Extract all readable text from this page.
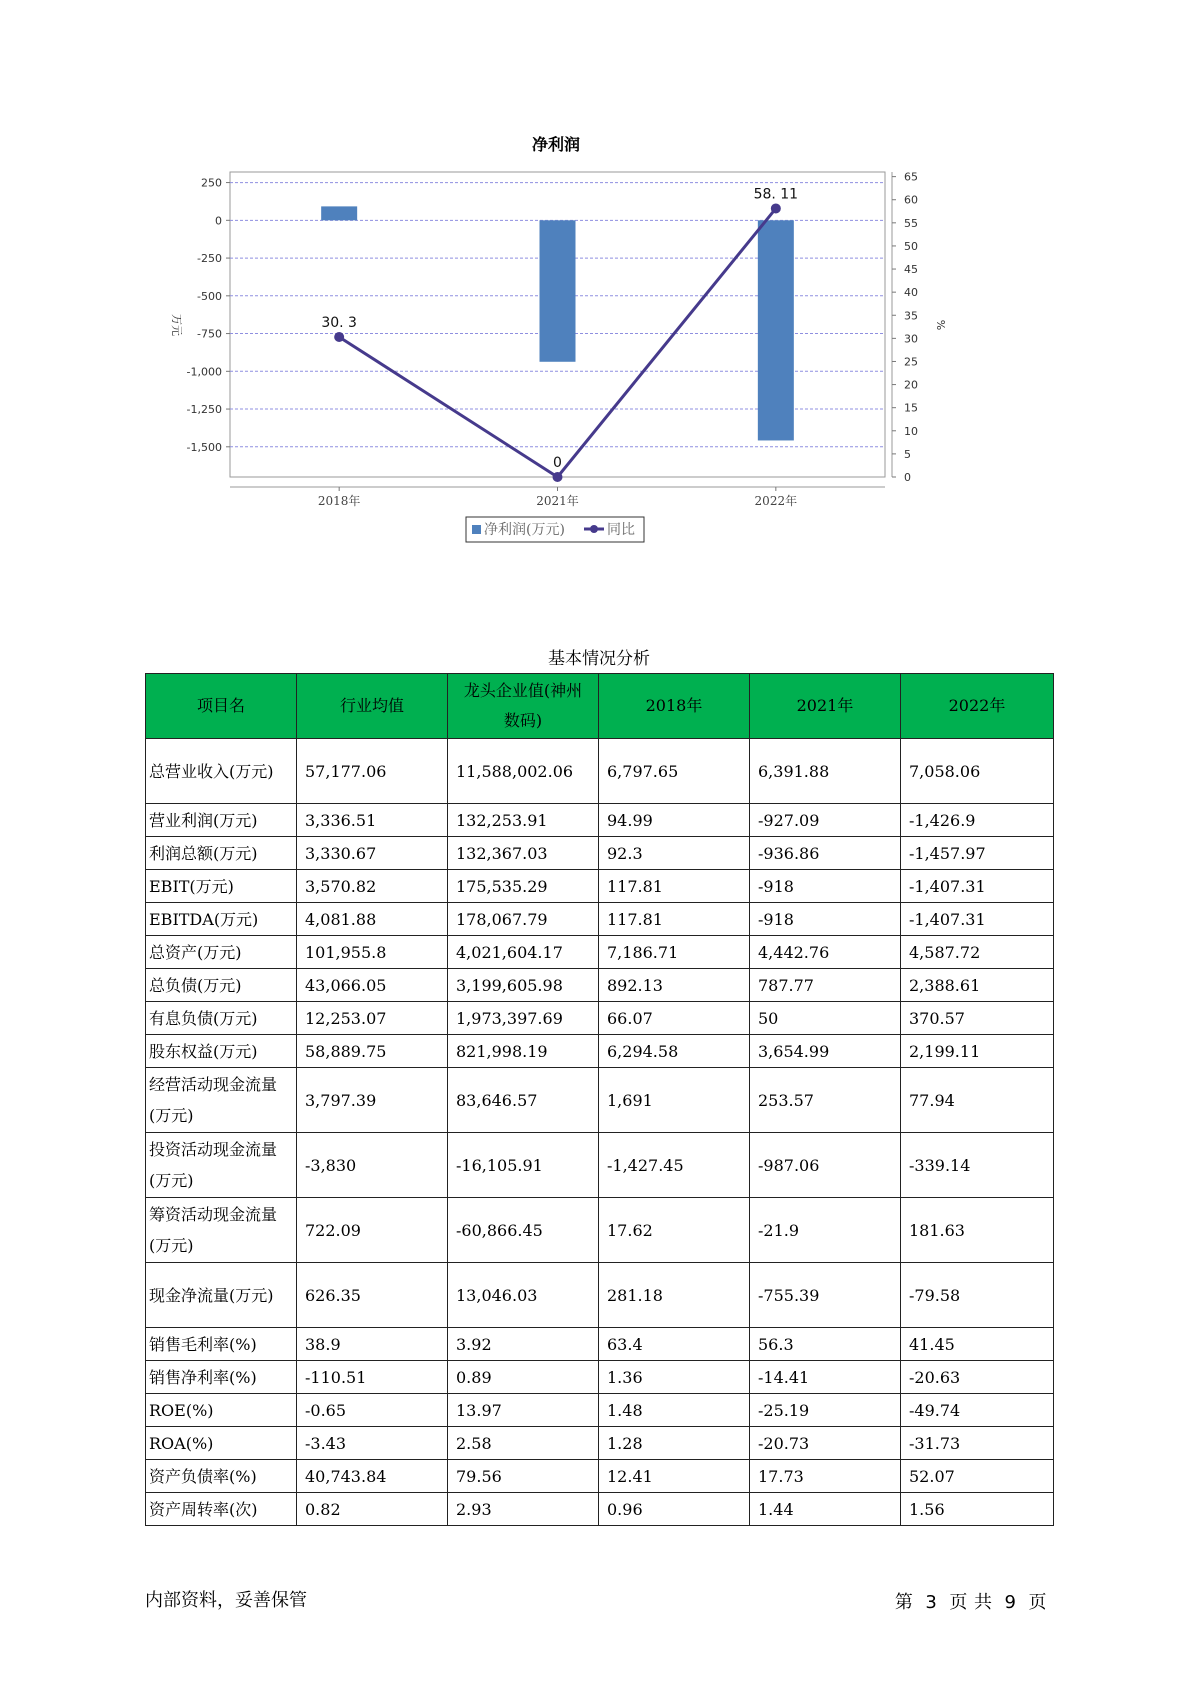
净利润
250
0
-250
-500
-750
-1,000
-1,250
-1,500
65
60
55
50
45
40
35
30
25
20
15
10
5
0
2018年	2021年	2022年
万元	%
30. 3
0
58. 11
净利润(万元)	同比
基本情况分析
项目名	行业均值	龙头企业值(神州数码)	2018年	2021年	2022年
总营业收入(万元)	57,177.06	11,588,002.06	6,797.65	6,391.88	7,058.06
营业利润(万元)	3,336.51	132,253.91	94.99	-927.09	-1,426.9
利润总额(万元)	3,330.67	132,367.03	92.3	-936.86	-1,457.97
EBIT(万元)	3,570.82	175,535.29	117.81	-918	-1,407.31
EBITDA(万元)	4,081.88	178,067.79	117.81	-918	-1,407.31
总资产(万元)	101,955.8	4,021,604.17	7,186.71	4,442.76	4,587.72
总负债(万元)	43,066.05	3,199,605.98	892.13	787.77	2,388.61
有息负债(万元)	12,253.07	1,973,397.69	66.07	50	370.57
股东权益(万元)	58,889.75	821,998.19	6,294.58	3,654.99	2,199.11
经营活动现金流量(万元)	3,797.39	83,646.57	1,691	253.57	77.94
投资活动现金流量(万元)	-3,830	-16,105.91	-1,427.45	-987.06	-339.14
筹资活动现金流量(万元)	722.09	-60,866.45	17.62	-21.9	181.63
现金净流量(万元)	626.35	13,046.03	281.18	-755.39	-79.58
销售毛利率(%)	38.9	3.92	63.4	56.3	41.45
销售净利率(%)	-110.51	0.89	1.36	-14.41	-20.63
ROE(%)	-0.65	13.97	1.48	-25.19	-49.74
ROA(%)	-3.43	2.58	1.28	-20.73	-31.73
资产负债率(%)	40,743.84	79.56	12.41	17.73	52.07
资产周转率(次)	0.82	2.93	0.96	1.44	1.56
内部资料，妥善保管	第 3 页 共 9 页
